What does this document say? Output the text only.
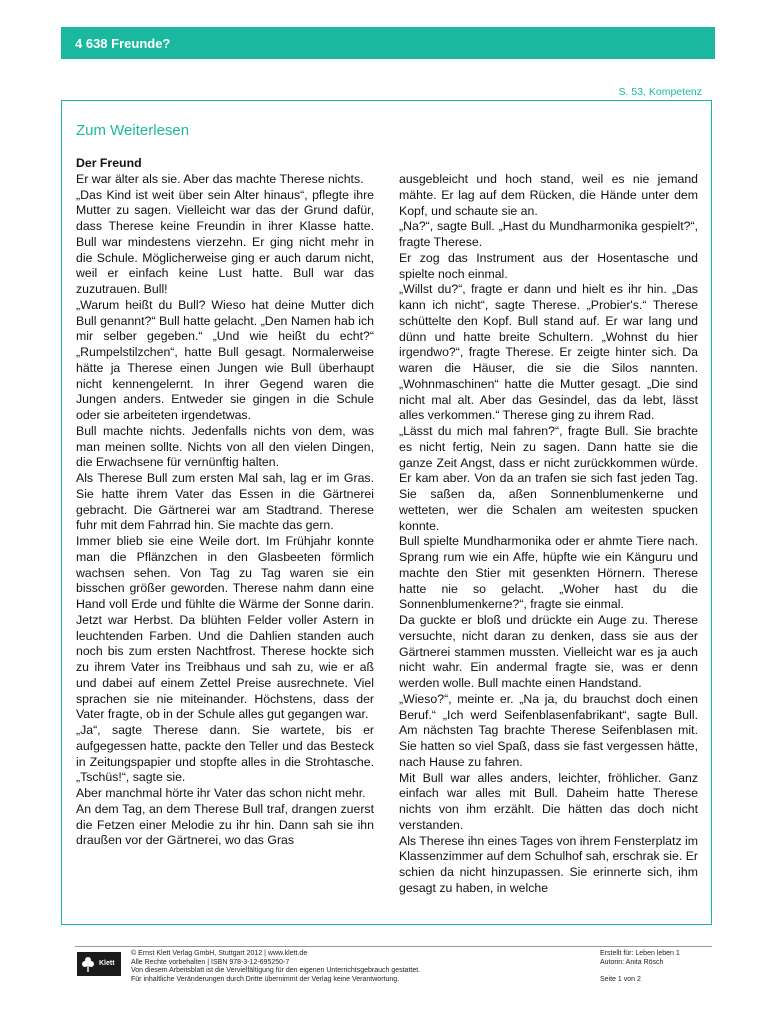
4 638 Freunde?
S. 53, Kompetenz
Zum Weiterlesen

Der Freund

Er war älter als sie. Aber das machte Therese nichts.

„Das Kind ist weit über sein Alter hinaus“, pflegte ihre Mutter zu sagen. Vielleicht war das der Grund dafür, dass Therese keine Freundin in ihrer Klasse hatte. Bull war mindestens vierzehn. Er ging nicht mehr in die Schule. Möglicherweise ging er auch darum nicht, weil er einfach keine Lust hatte. Bull war das zuzutrauen. Bull!

„Warum heißt du Bull? Wieso hat deine Mutter dich Bull genannt?“ Bull hatte gelacht. „Den Namen hab ich mir selber gegeben.“ „Und wie heißt du echt?“ „Rumpelstilzchen“, hatte Bull gesagt. Normalerweise hätte ja Therese einen Jungen wie Bull überhaupt nicht kennengelernt. In ihrer Gegend waren die Jungen anders. Entweder sie gingen in die Schule oder sie arbeiteten irgendetwas.

Bull machte nichts. Jedenfalls nichts von dem, was man meinen sollte. Nichts von all den vielen Dingen, die Erwachsene für vernünftig halten.

Als Therese Bull zum ersten Mal sah, lag er im Gras. Sie hatte ihrem Vater das Essen in die Gärtnerei gebracht. Die Gärtnerei war am Stadtrand. Therese fuhr mit dem Fahrrad hin. Sie machte das gern.

Immer blieb sie eine Weile dort. Im Frühjahr konnte man die Pflänzchen in den Glasbeeten förmlich wachsen sehen. Von Tag zu Tag waren sie ein bisschen größer geworden. Therese nahm dann eine Hand voll Erde und fühlte die Wärme der Sonne darin. Jetzt war Herbst. Da blühten Felder voller Astern in leuchtenden Farben. Und die Dahlien standen auch noch bis zum ersten Nachtfrost. Therese hockte sich zu ihrem Vater ins Treibhaus und sah zu, wie er aß und dabei auf einem Zettel Preise ausrechnete. Viel sprachen sie nie miteinander. Höchstens, dass der Vater fragte, ob in der Schule alles gut gegangen war.

„Ja“, sagte Therese dann. Sie wartete, bis er aufgegessen hatte, packte den Teller und das Besteck in Zeitungspapier und stopfte alles in die Strohtasche. „Tschüs!“, sagte sie.

Aber manchmal hörte ihr Vater das schon nicht mehr.

An dem Tag, an dem Therese Bull traf, drangen zuerst die Fetzen einer Melodie zu ihr hin. Dann sah sie ihn draußen vor der Gärtnerei, wo das Gras

ausgebleicht und hoch stand, weil es nie jemand mähte. Er lag auf dem Rücken, die Hände unter dem Kopf, und schaute sie an.

„Na?“, sagte Bull. „Hast du Mundharmonika gespielt?“, fragte Therese.

Er zog das Instrument aus der Hosentasche und spielte noch einmal.

„Willst du?“, fragte er dann und hielt es ihr hin. „Das kann ich nicht“, sagte Therese. „Probier's.“ Therese schüttelte den Kopf. Bull stand auf. Er war lang und dünn und hatte breite Schultern. „Wohnst du hier irgendwo?“, fragte Therese. Er zeigte hinter sich. Da waren die Häuser, die sie die Silos nannten. „Wohnmaschinen“ hatte die Mutter gesagt. „Die sind nicht mal alt. Aber das Gesindel, das da lebt, lässt alles verkommen.“ Therese ging zu ihrem Rad.

„Lässt du mich mal fahren?“, fragte Bull. Sie brachte es nicht fertig, Nein zu sagen. Dann hatte sie die ganze Zeit Angst, dass er nicht zurückkommen würde. Er kam aber. Von da an trafen sie sich fast jeden Tag. Sie saßen da, aßen Sonnenblumenkerne und wetteten, wer die Schalen am weitesten spucken konnte.

Bull spielte Mundharmonika oder er ahmte Tiere nach. Sprang rum wie ein Affe, hüpfte wie ein Känguru und machte den Stier mit gesenkten Hörnern. Therese hatte nie so gelacht. „Woher hast du die Sonnenblumenkerne?“, fragte sie einmal.

Da guckte er bloß und drückte ein Auge zu. Therese versuchte, nicht daran zu denken, dass sie aus der Gärtnerei stammen mussten. Vielleicht war es ja auch nicht wahr. Ein andermal fragte sie, was er denn werden wolle. Bull machte einen Handstand.

„Wieso?“, meinte er. „Na ja, du brauchst doch einen Beruf.“ „Ich werd Seifenblasenfabrikant“, sagte Bull. Am nächsten Tag brachte Therese Seifenblasen mit. Sie hatten so viel Spaß, dass sie fast vergessen hätte, nach Hause zu fahren.

Mit Bull war alles anders, leichter, fröhlicher. Ganz einfach war alles mit Bull. Daheim hatte Therese nichts von ihm erzählt. Die hätten das doch nicht verstanden.

Als Therese ihn eines Tages von ihrem Fensterplatz im Klassenzimmer auf dem Schulhof sah, erschrak sie. Er schien da nicht hinzupassen. Sie erinnerte sich, ihm gesagt zu haben, in welche

Klett
© Ernst Klett Verlag GmbH, Stuttgart 2012 | www.klett.de
Alle Rechte vorbehalten | ISBN 978-3-12-695250-7
Von diesem Arbeitsblatt ist die Vervielfältigung für den eigenen Unterrichtsgebrauch gestattet.
Für inhaltliche Veränderungen durch Dritte übernimmt der Verlag keine Verantwortung.
Erstellt für: Leben leben 1
Autorin: Anita Rösch
Seite 1 von 2
